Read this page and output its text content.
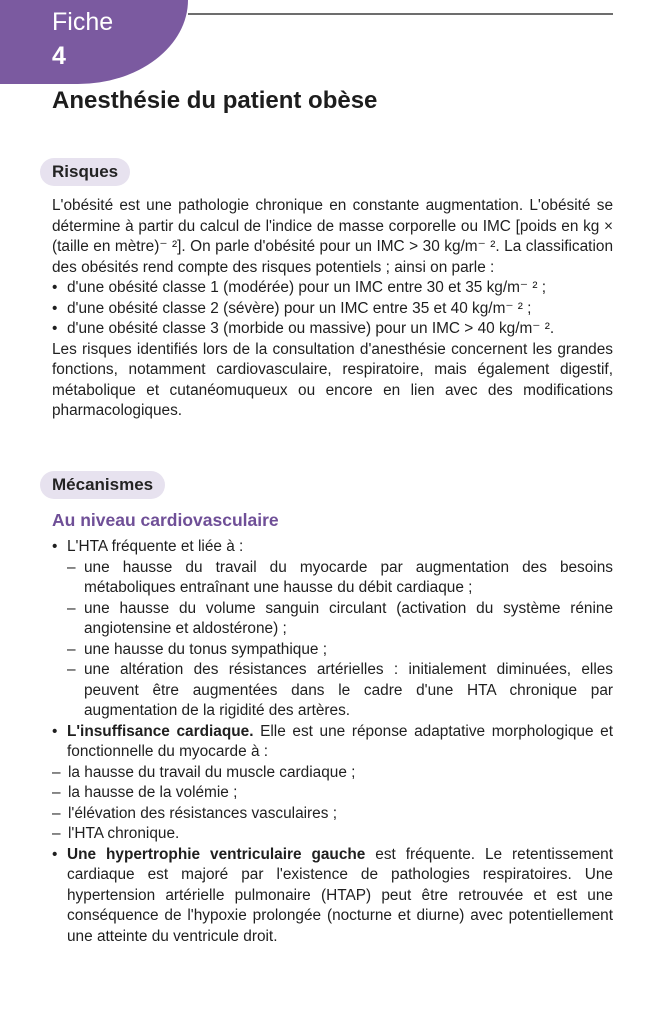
Fiche
4
Anesthésie du patient obèse
Risques

L'obésité est une pathologie chronique en constante augmentation. L'obésité se détermine à partir du calcul de l'indice de masse corporelle ou IMC [poids en kg × (taille en mètre)⁻ ²]. On parle d'obésité pour un IMC > 30 kg/m⁻ ². La classification des obésités rend compte des risques potentiels ; ainsi on parle :

• d'une obésité classe 1 (modérée) pour un IMC entre 30 et 35 kg/m⁻ ² ;

• d'une obésité classe 2 (sévère) pour un IMC entre 35 et 40 kg/m⁻ ² ;

• d'une obésité classe 3 (morbide ou massive) pour un IMC > 40 kg/m⁻ ².

Les risques identifiés lors de la consultation d'anesthésie concernent les grandes fonctions, notamment cardiovasculaire, respiratoire, mais également digestif, métabolique et cutanéomuqueux ou encore en lien avec des modifications pharmacologiques.

Mécanismes
Au niveau cardiovasculaire

• L'HTA fréquente et liée à :

– une hausse du travail du myocarde par augmentation des besoins métaboliques entraînant une hausse du débit cardiaque ;

– une hausse du volume sanguin circulant (activation du système rénine angiotensine et aldostérone) ;

– une hausse du tonus sympathique ;

– une altération des résistances artérielles : initialement diminuées, elles peuvent être augmentées dans le cadre d'une HTA chronique par augmentation de la rigidité des artères.

• L'insuffisance cardiaque. Elle est une réponse adaptative morphologique et fonctionnelle du myocarde à :

– la hausse du travail du muscle cardiaque ;

– la hausse de la volémie ;

– l'élévation des résistances vasculaires ;

– l'HTA chronique.

• Une hypertrophie ventriculaire gauche est fréquente. Le retentissement cardiaque est majoré par l'existence de pathologies respiratoires. Une hypertension artérielle pulmonaire (HTAP) peut être retrouvée et est une conséquence de l'hypoxie prolongée (nocturne et diurne) avec potentiellement une atteinte du ventricule droit.
